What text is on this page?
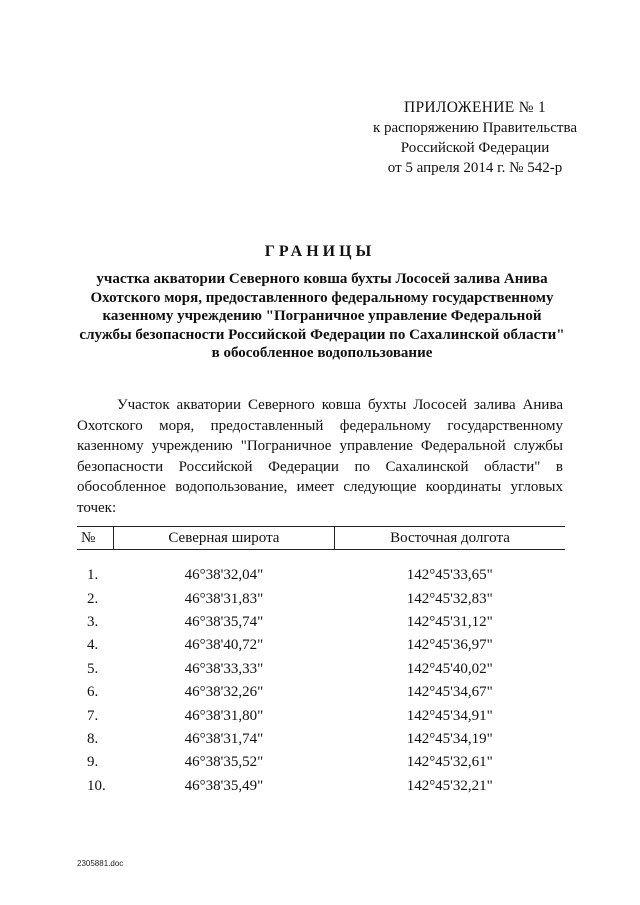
ПРИЛОЖЕНИЕ № 1
к распоряжению Правительства
Российской Федерации
от 5 апреля 2014 г. № 542-р
ГРАНИЦЫ
участка акватории Северного ковша бухты Лососей залива Анива Охотского моря, предоставленного федеральному государственному казенному учреждению "Пограничное управление Федеральной службы безопасности Российской Федерации по Сахалинской области" в обособленное водопользование
Участок акватории Северного ковша бухты Лососей залива Анива Охотского моря, предоставленный федеральному государственному казенному учреждению "Пограничное управление Федеральной службы безопасности Российской Федерации по Сахалинской области" в обособленное водопользование, имеет следующие координаты угловых точек:
№	Северная широта	Восточная долгота

1.	46°38'32,04"	142°45'33,65"
2.	46°38'31,83"	142°45'32,83"
3.	46°38'35,74"	142°45'31,12"
4.	46°38'40,72"	142°45'36,97"
5.	46°38'33,33"	142°45'40,02"
6.	46°38'32,26"	142°45'34,67"
7.	46°38'31,80"	142°45'34,91"
8.	46°38'31,74"	142°45'34,19"
9.	46°38'35,52"	142°45'32,61"
10.	46°38'35,49"	142°45'32,21"
2305881.doc
